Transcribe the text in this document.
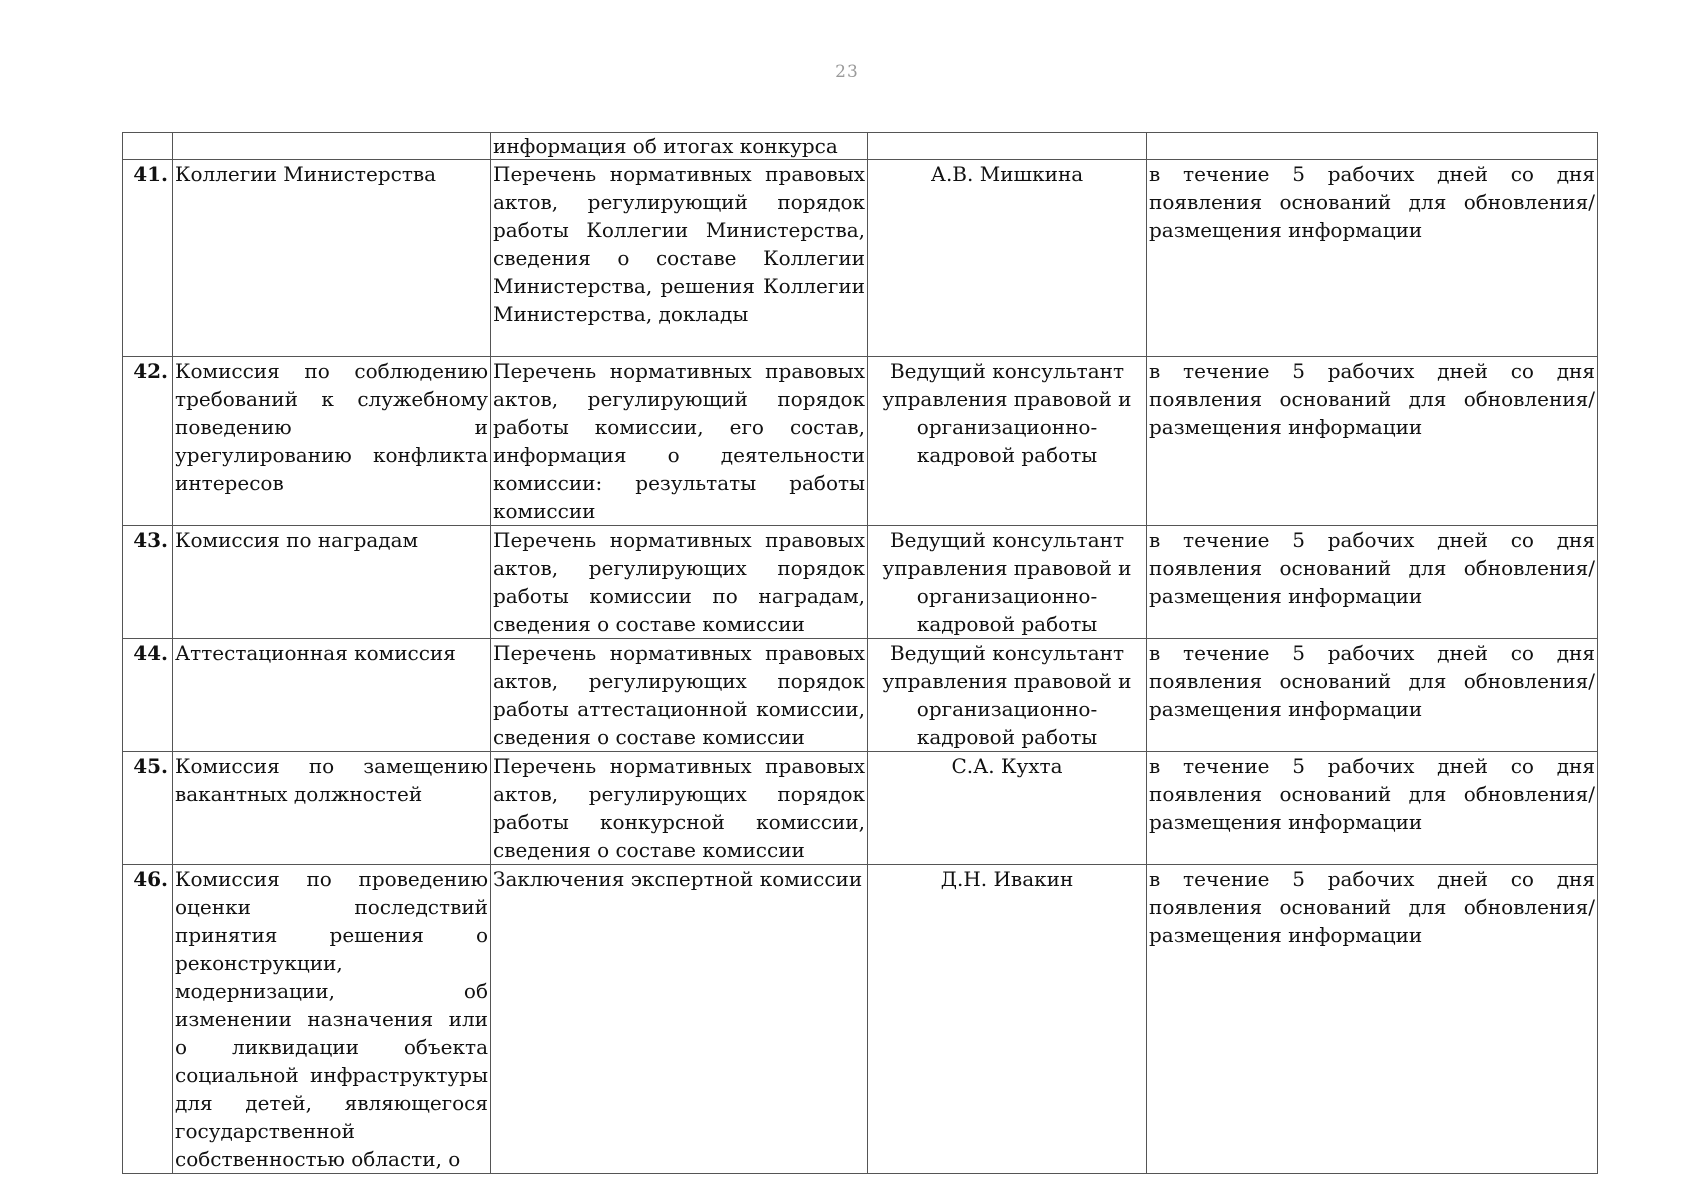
23
		информация об итогах конкурса		
41.	Коллегии Министерства	Перечень нормативных правовых актов, регулирующий порядок работы Коллегии Министерства, сведения о составе Коллегии Министерства, решения Коллегии Министерства, доклады	А.В. Мишкина	в течение 5 рабочих дней со дня появления оснований для обновления/размещения информации
42.	Комиссия по соблюдению требований к служебному поведению и урегулированию конфликта интересов	Перечень нормативных правовых актов, регулирующий порядок работы комиссии, его состав, информация о деятельности комиссии: результаты работы комиссии	Ведущий консультант управления правовой и организационно-кадровой работы	в течение 5 рабочих дней со дня появления оснований для обновления/размещения информации
43.	Комиссия по наградам	Перечень нормативных правовых актов, регулирующих порядок работы комиссии по наградам, сведения о составе комиссии	Ведущий консультант управления правовой и организационно-кадровой работы	в течение 5 рабочих дней со дня появления оснований для обновления/размещения информации
44.	Аттестационная комиссия	Перечень нормативных правовых актов, регулирующих порядок работы аттестационной комиссии, сведения о составе комиссии	Ведущий консультант управления правовой и организационно-кадровой работы	в течение 5 рабочих дней со дня появления оснований для обновления/размещения информации
45.	Комиссия по замещению вакантных должностей	Перечень нормативных правовых актов, регулирующих порядок работы конкурсной комиссии, сведения о составе комиссии	С.А. Кухта	в течение 5 рабочих дней со дня появления оснований для обновления/размещения информации
46.	Комиссия по проведению оценки последствий принятия решения о реконструкции, модернизации, об изменении назначения или о ликвидации объекта социальной инфраструктуры для детей, являющегося государственной собственностью области, о	Заключения экспертной комиссии	Д.Н. Ивакин	в течение 5 рабочих дней со дня появления оснований для обновления/размещения информации
